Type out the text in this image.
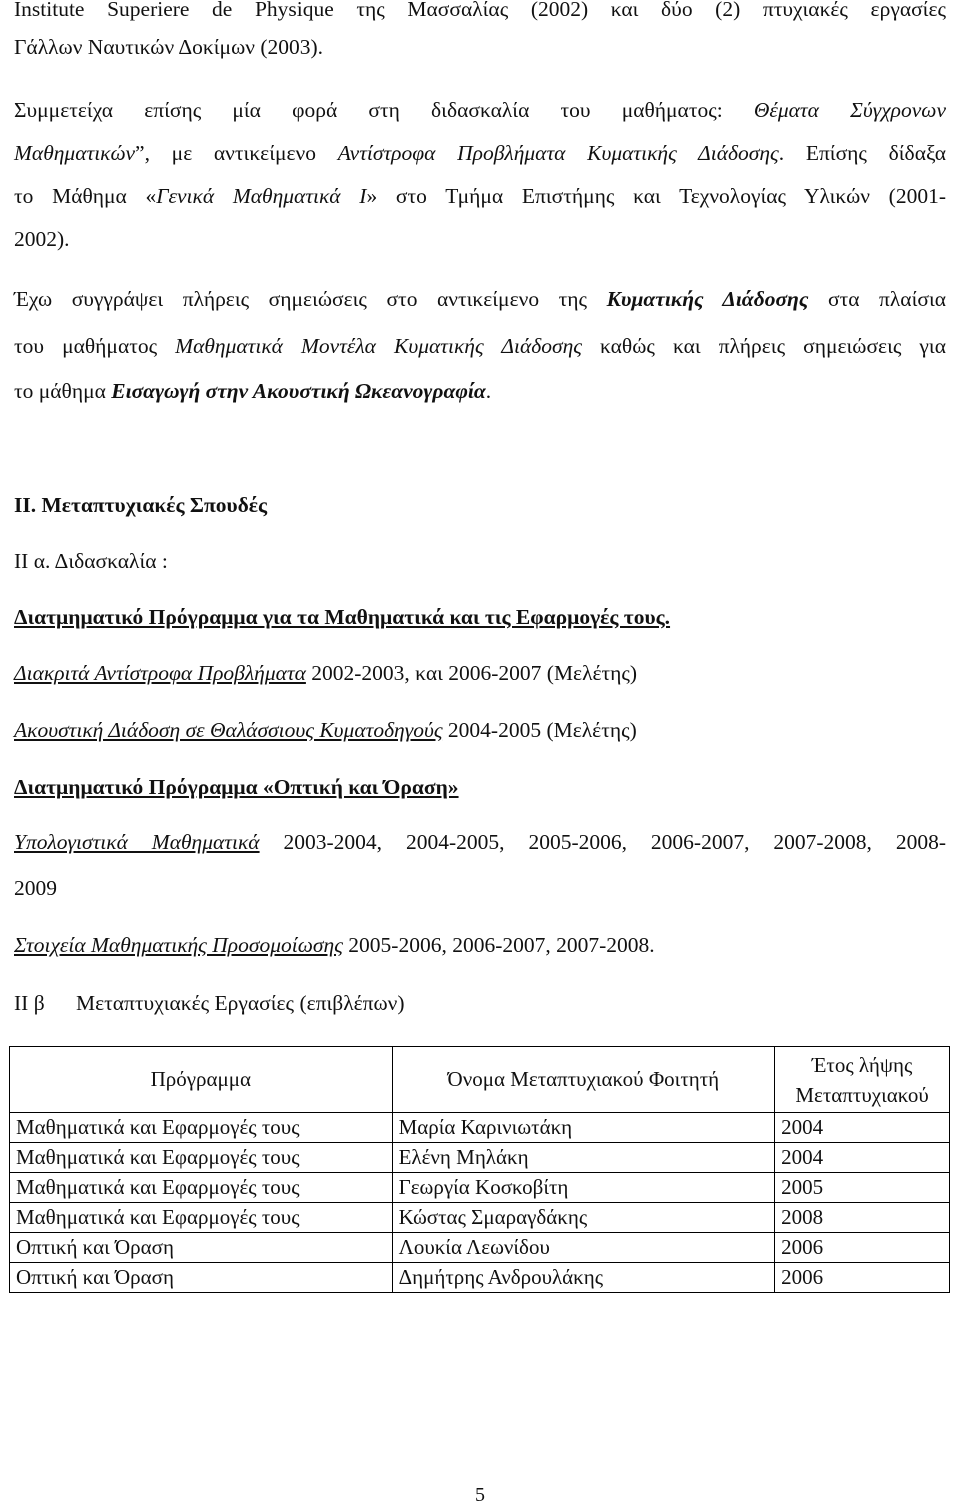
Institute Superiere de Physique της Μασσαλίας (2002) και δύο (2) πτυχιακές εργασίες
Γάλλων Ναυτικών Δοκίμων (2003).
Συμμετείχα επίσης μία φορά στη διδασκαλία του μαθήματος: Θέματα Σύγχρονων
Μαθηματικών”, με αντικείμενο Αντίστροφα Προβλήματα Κυματικής Διάδοσης. Επίσης δίδαξα
το Μάθημα «Γενικά Μαθηματικά Ι» στο Τμήμα Επιστήμης και Τεχνολογίας Υλικών (2001-
2002).
Έχω συγγράψει πλήρεις σημειώσεις στο αντικείμενο της Κυματικής Διάδοσης στα πλαίσια
του μαθήματος Μαθηματικά Μοντέλα Κυματικής Διάδοσης καθώς και πλήρεις σημειώσεις για
το μάθημα Εισαγωγή στην Ακουστική Ωκεανογραφία.
ΙΙ. Μεταπτυχιακές Σπουδές
ΙΙ α. Διδασκαλία :
Διατμηματικό Πρόγραμμα για τα Μαθηματικά και τις Εφαρμογές τους.
Διακριτά Αντίστροφα Προβλήματα 2002-2003, και 2006-2007 (Μελέτης)
Ακουστική Διάδοση σε Θαλάσσιους Κυματοδηγούς 2004-2005 (Μελέτης)
Διατμηματικό Πρόγραμμα «Οπτική και Όραση»
Υπολογιστικά Μαθηματικά 2003-2004, 2004-2005, 2005-2006, 2006-2007, 2007-2008, 2008-
2009
Στοιχεία Μαθηματικής Προσομοίωσης 2005-2006, 2006-2007, 2007-2008.
ΙΙ β Μεταπτυχιακές Εργασίες (επιβλέπων)
Πρόγραμμα	Όνομα Μεταπτυχιακού Φοιτητή	Έτος λήψης
Μεταπτυχιακού
Μαθηματικά και Εφαρμογές τους	Μαρία Καρινιωτάκη	2004
Μαθηματικά και Εφαρμογές τους	Ελένη Μηλάκη	2004
Μαθηματικά και Εφαρμογές τους	Γεωργία Κοσκοβίτη	2005
Μαθηματικά και Εφαρμογές τους	Κώστας Σμαραγδάκης	2008
Οπτική και Όραση	Λουκία Λεωνίδου	2006
Οπτική και Όραση	Δημήτρης Ανδρουλάκης	2006
5
